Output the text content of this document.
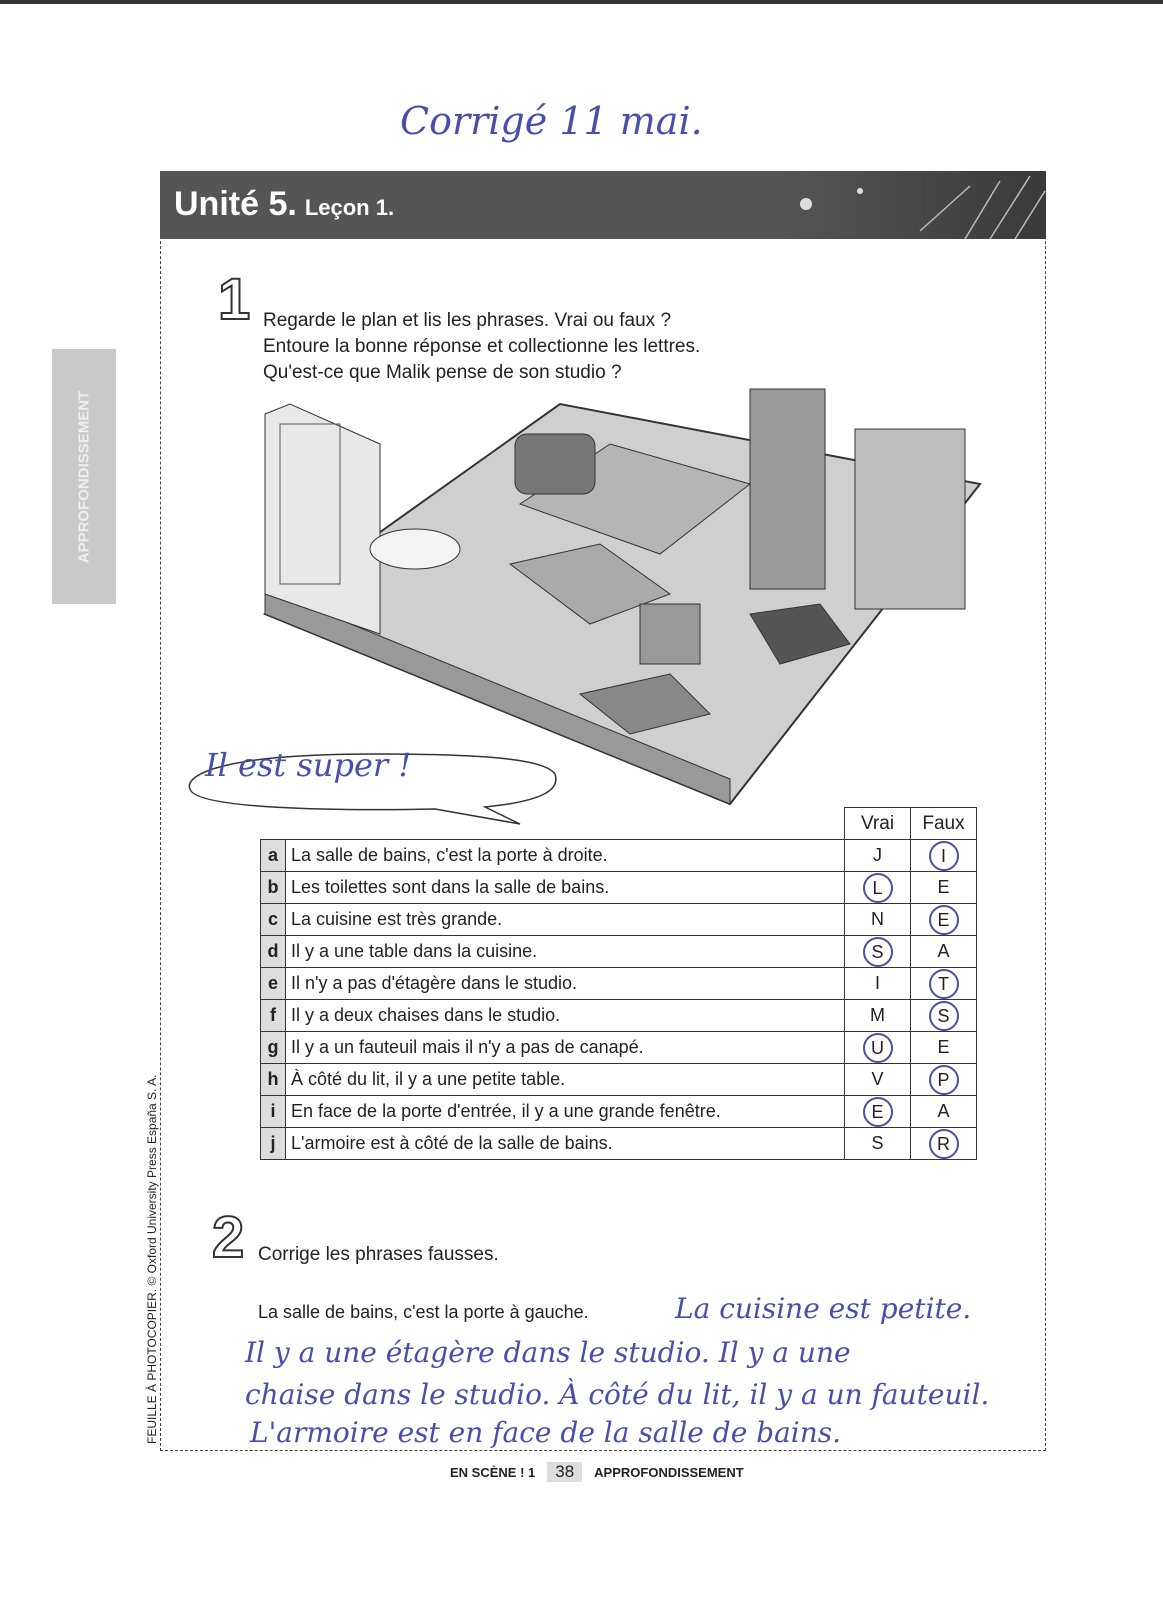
Corrigé 11 mai.
APPROFONDISSEMENT
FEUILLE À PHOTOCOPIER. © Oxford University Press España S. A.
Unité 5. Leçon 1.
1 Regarde le plan et lis les phrases. Vrai ou faux ?
Entoure la bonne réponse et collectionne les lettres.
Qu'est-ce que Malik pense de son studio ?
Il est super !
		Vrai	Faux
a	La salle de bains, c'est la porte à droite.	J	I
b	Les toilettes sont dans la salle de bains.	L	E
c	La cuisine est très grande.	N	E
d	Il y a une table dans la cuisine.	S	A
e	Il n'y a pas d'étagère dans le studio.	I	T
f	Il y a deux chaises dans le studio.	M	S
g	Il y a un fauteuil mais il n'y a pas de canapé.	U	E
h	À côté du lit, il y a une petite table.	V	P
i	En face de la porte d'entrée, il y a une grande fenêtre.	E	A
j	L'armoire est à côté de la salle de bains.	S	R
2 Corrige les phrases fausses.
La salle de bains, c'est la porte à gauche.	La cuisine est petite.
Il y a une étagère dans le studio. Il y a une
chaise dans le studio. À côté du lit, il y a un fauteuil.
L'armoire est en face de la salle de bains.
EN SCÈNE ! 1 38 APPROFONDISSEMENT
